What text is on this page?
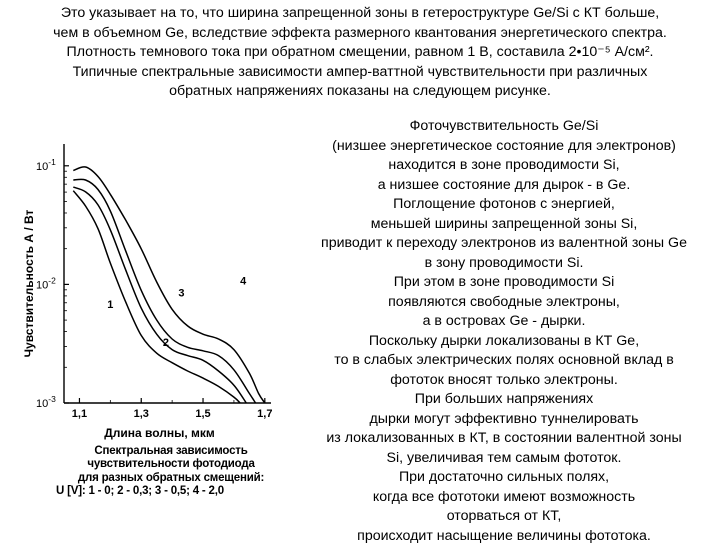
Это указывает на то, что ширина запрещенной зоны в гетероструктуре Ge/Si с КТ больше,
чем в объемном Ge, вследствие эффекта размерного квантования энергетического спектра.
Плотность темнового тока при обратном смещении, равном 1 В, составила 2•10⁻⁵ А/см².
Типичные спектральные зависимости ампер-ваттной чувствительности при различных
обратных напряжениях показаны на следующем рисунке.
Фоточувствительность Ge/Si
(низшее энергетическое состояние для электронов)
находится в зоне проводимости Si,
а низшее состояние для дырок - в Ge.
Поглощение фотонов с энергией,
меньшей ширины запрещенной зоны Si,
приводит к переходу электронов из валентной зоны Ge
в зону проводимости Si.
При этом в зоне проводимости Si
появляются свободные электроны,
а в островах Ge - дырки.
Поскольку дырки локализованы в КТ Ge,
то в слабых электрических полях основной вклад в
фототок вносят только электроны.
При больших напряжениях
дырки могут эффективно туннелировать
из локализованных в КТ, в состоянии валентной зоны
Si, увеличивая тем самым фототок.
При достаточно сильных полях,
когда все фототоки имеют возможность
оторваться от КТ,
происходит насыщение величины фототока.
$10^{-1}$
$10^{-2}$
$10^{-3}$
1,1	1,3	1,5	1,7
Длина волны, мкм
Чувствительность А / Вт	1
2
3
4
Спектральная зависимость
чувствительности фотодиода
для разных обратных смещений:
U [V]: 1 - 0; 2 - 0,3; 3 - 0,5; 4 - 2,0
